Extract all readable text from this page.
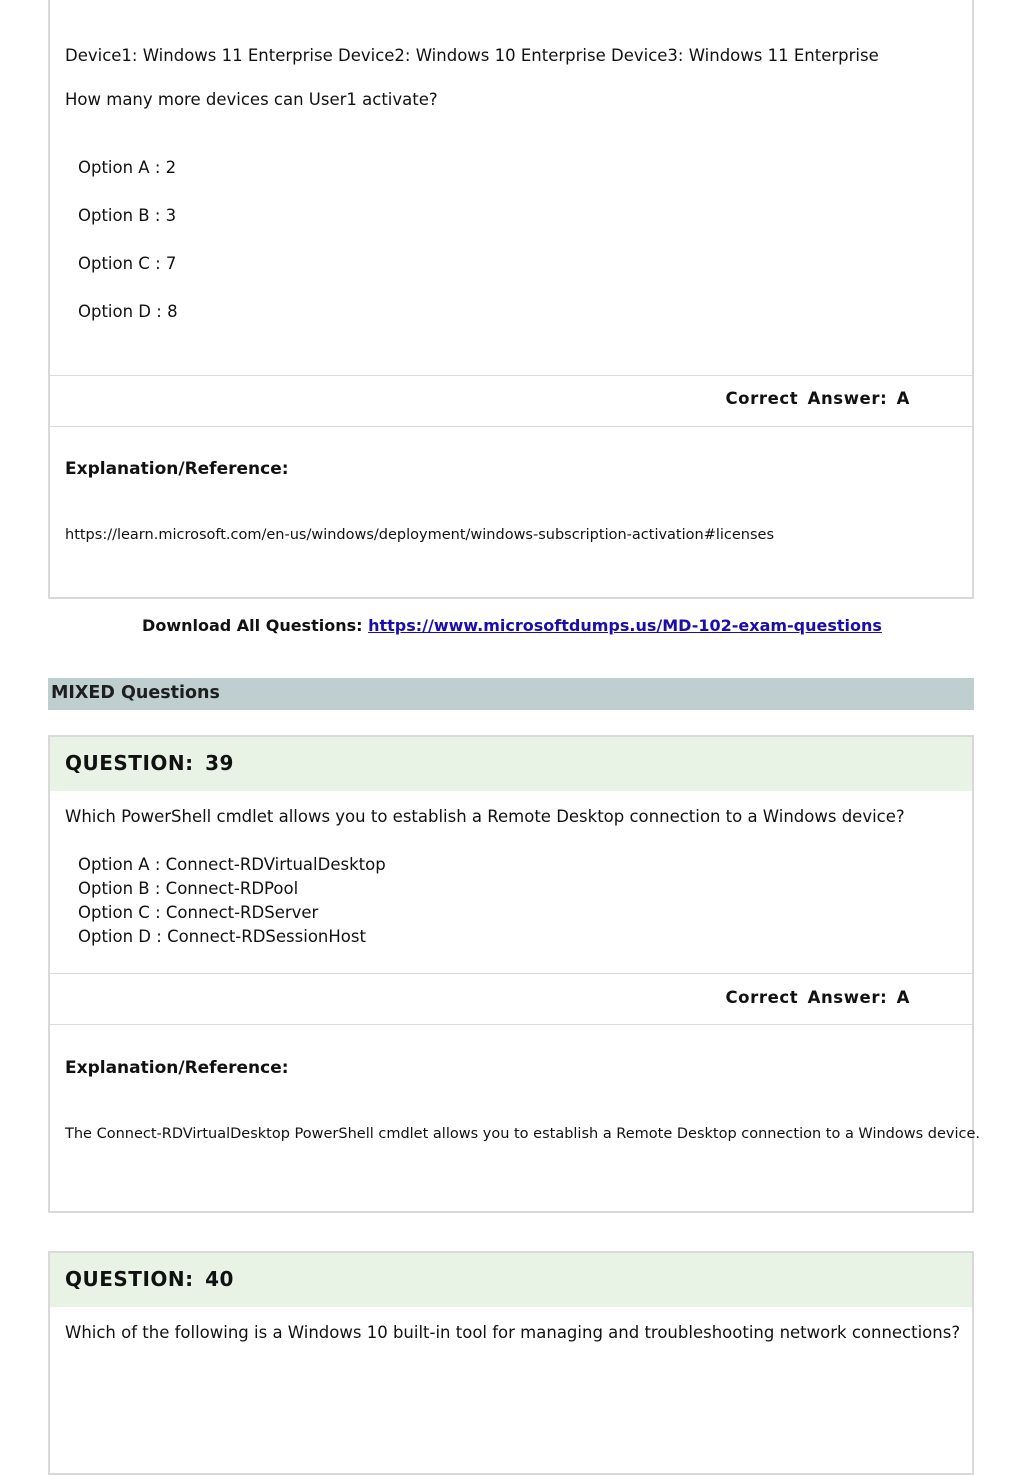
Device1: Windows 11 Enterprise Device2: Windows 10 Enterprise Device3: Windows 11 Enterprise
How many more devices can User1 activate?
Option A : 2
Option B : 3
Option C : 7
Option D : 8
Correct Answer: A
Explanation/Reference:
https://learn.microsoft.com/en-us/windows/deployment/windows-subscription-activation#licenses
Download All Questions: https://www.microsoftdumps.us/MD-102-exam-questions
MIXED Questions
QUESTION: 39
Which PowerShell cmdlet allows you to establish a Remote Desktop connection to a Windows device?
Option A : Connect-RDVirtualDesktop
Option B : Connect-RDPool
Option C : Connect-RDServer
Option D : Connect-RDSessionHost
Correct Answer: A
Explanation/Reference:
The Connect-RDVirtualDesktop PowerShell cmdlet allows you to establish a Remote Desktop connection to a Windows device.
QUESTION: 40
Which of the following is a Windows 10 built-in tool for managing and troubleshooting network connections?
